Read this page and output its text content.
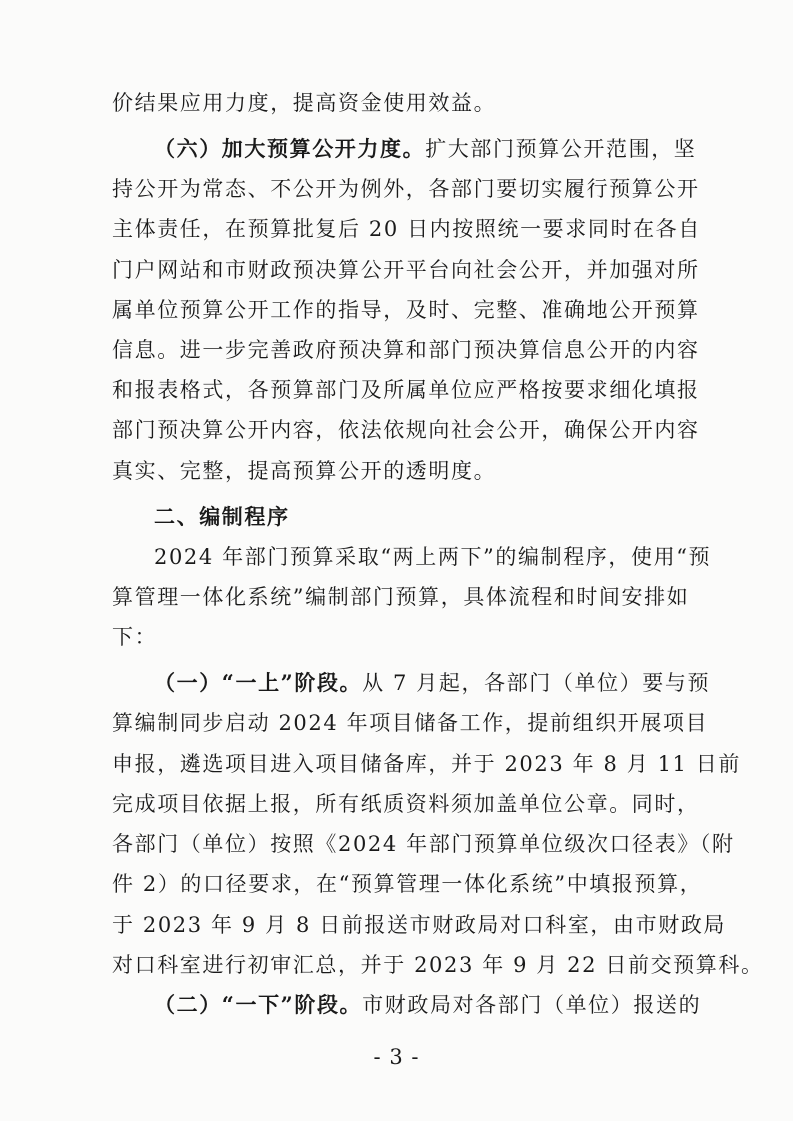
价结果应用力度，提高资金使用效益。
（六）加大预算公开力度。扩大部门预算公开范围，坚
持公开为常态、不公开为例外，各部门要切实履行预算公开
主体责任，在预算批复后 20 日内按照统一要求同时在各自
门户网站和市财政预决算公开平台向社会公开，并加强对所
属单位预算公开工作的指导，及时、完整、准确地公开预算
信息。进一步完善政府预决算和部门预决算信息公开的内容
和报表格式，各预算部门及所属单位应严格按要求细化填报
部门预决算公开内容，依法依规向社会公开，确保公开内容
真实、完整，提高预算公开的透明度。
二、编制程序
2024 年部门预算采取“两上两下”的编制程序，使用“预
算管理一体化系统”编制部门预算，具体流程和时间安排如
下：
（一）“一上”阶段。从 7 月起，各部门（单位）要与预
算编制同步启动 2024 年项目储备工作，提前组织开展项目
申报，遴选项目进入项目储备库，并于 2023 年 8 月 11 日前
完成项目依据上报，所有纸质资料须加盖单位公章。同时，
各部门（单位）按照《2024 年部门预算单位级次口径表》（附
件 2）的口径要求，在“预算管理一体化系统”中填报预算，
于 2023 年 9 月 8 日前报送市财政局对口科室，由市财政局
对口科室进行初审汇总，并于 2023 年 9 月 22 日前交预算科。
（二）“一下”阶段。市财政局对各部门（单位）报送的
- 3 -
